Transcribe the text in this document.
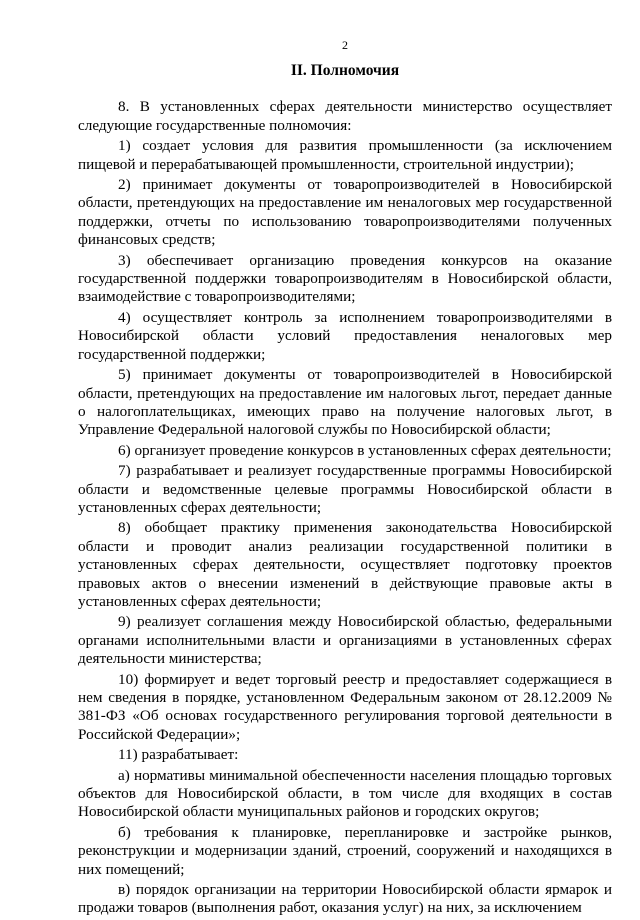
2
II. Полномочия

8. В установленных сферах деятельности министерство осуществляет следующие государственные полномочия:

1) создает условия для развития промышленности (за исключением пищевой и перерабатывающей промышленности, строительной индустрии);

2) принимает документы от товаропроизводителей в Новосибирской области, претендующих на предоставление им неналоговых мер государственной поддержки, отчеты по использованию товаропроизводителями полученных финансовых средств;

3) обеспечивает организацию проведения конкурсов на оказание государственной поддержки товаропроизводителям в Новосибирской области, взаимодействие с товаропроизводителями;

4) осуществляет контроль за исполнением товаропроизводителями в Новосибирской области условий предоставления неналоговых мер государственной поддержки;

5) принимает документы от товаропроизводителей в Новосибирской области, претендующих на предоставление им налоговых льгот, передает данные о налогоплательщиках, имеющих право на получение налоговых льгот, в Управление Федеральной налоговой службы по Новосибирской области;

6) организует проведение конкурсов в установленных сферах деятельности;

7) разрабатывает и реализует государственные программы Новосибирской области и ведомственные целевые программы Новосибирской области в установленных сферах деятельности;

8) обобщает практику применения законодательства Новосибирской области и проводит анализ реализации государственной политики в установленных сферах деятельности, осуществляет подготовку проектов правовых актов о внесении изменений в действующие правовые акты в установленных сферах деятельности;

9) реализует соглашения между Новосибирской областью, федеральными органами исполнительными власти и организациями в установленных сферах деятельности министерства;

10) формирует и ведет торговый реестр и предоставляет содержащиеся в нем сведения в порядке, установленном Федеральным законом от 28.12.2009 № 381-ФЗ «Об основах государственного регулирования торговой деятельности в Российской Федерации»;

11) разрабатывает:

а) нормативы минимальной обеспеченности населения площадью торговых объектов для Новосибирской области, в том числе для входящих в состав Новосибирской области муниципальных районов и городских округов;

б) требования к планировке, перепланировке и застройке рынков, реконструкции и модернизации зданий, строений, сооружений и находящихся в них помещений;

в) порядок организации на территории Новосибирской области ярмарок и продажи товаров (выполнения работ, оказания услуг) на них, за исключением
